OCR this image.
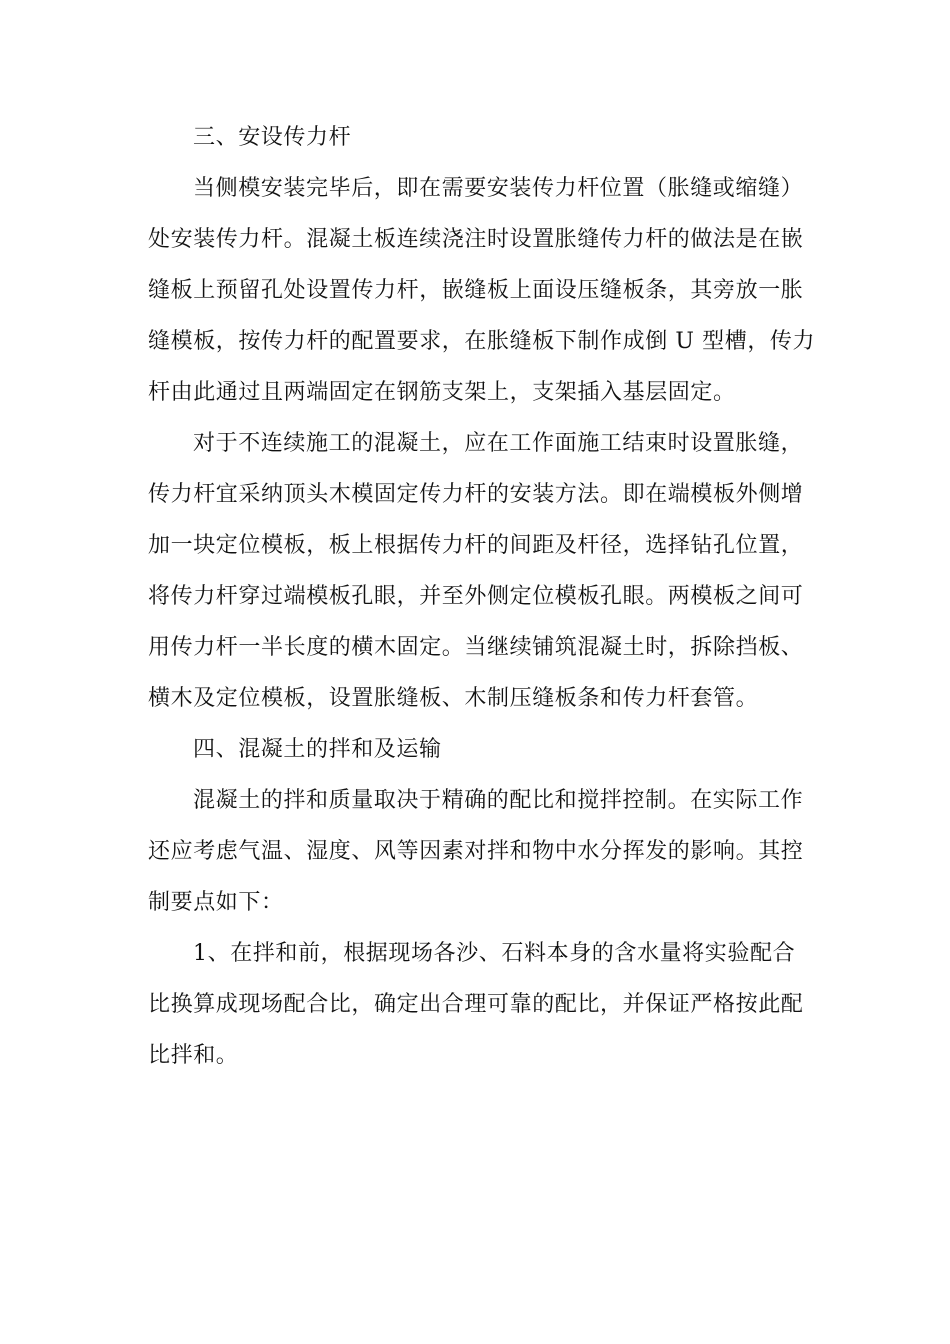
三、安设传力杆
当侧模安装完毕后，即在需要安装传力杆位置（胀缝或缩缝）
处安装传力杆。混凝土板连续浇注时设置胀缝传力杆的做法是在嵌
缝板上预留孔处设置传力杆，嵌缝板上面设压缝板条，其旁放一胀
缝模板，按传力杆的配置要求，在胀缝板下制作成倒 U 型槽，传力
杆由此通过且两端固定在钢筋支架上，支架插入基层固定。
对于不连续施工的混凝土，应在工作面施工结束时设置胀缝，
传力杆宜采纳顶头木模固定传力杆的安装方法。即在端模板外侧增
加一块定位模板，板上根据传力杆的间距及杆径，选择钻孔位置，
将传力杆穿过端模板孔眼，并至外侧定位模板孔眼。两模板之间可
用传力杆一半长度的横木固定。当继续铺筑混凝土时，拆除挡板、
横木及定位模板，设置胀缝板、木制压缝板条和传力杆套管。
四、混凝土的拌和及运输
混凝土的拌和质量取决于精确的配比和搅拌控制。在实际工作
还应考虑气温、湿度、风等因素对拌和物中水分挥发的影响。其控
制要点如下：
1、在拌和前，根据现场各沙、石料本身的含水量将实验配合
比换算成现场配合比，确定出合理可靠的配比，并保证严格按此配
比拌和。
